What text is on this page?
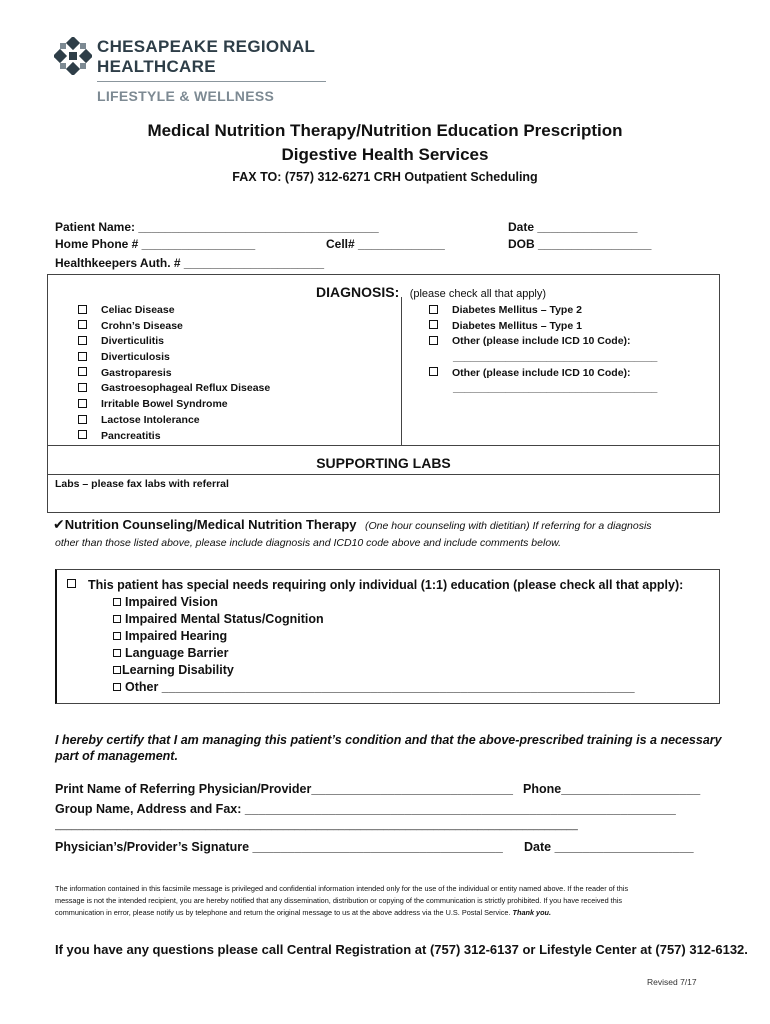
CHESAPEAKE REGIONAL
HEALTHCARE
LIFESTYLE & WELLNESS
Medical Nutrition Therapy/Nutrition Education Prescription
Digestive Health Services
FAX TO: (757) 312-6271 CRH Outpatient Scheduling
Patient Name: ____________________________________	Date _______________
Home Phone # _________________	Cell# _____________	DOB _________________
Healthkeepers Auth. # _____________________
DIAGNOSIS: (please check all that apply)
Celiac Disease
Crohn’s Disease
Diverticulitis
Diverticulosis
Gastroparesis
Gastroesophageal Reflux Disease
Irritable Bowel Syndrome
Lactose Intolerance
Pancreatitis
Diabetes Mellitus – Type 2
Diabetes Mellitus – Type 1
Other (please include ICD 10 Code):
___________________________________
Other (please include ICD 10 Code):
___________________________________
SUPPORTING LABS
Labs – please fax labs with referral
✔Nutrition Counseling/Medical Nutrition Therapy (One hour counseling with dietitian) If referring for a diagnosis
other than those listed above, please include diagnosis and ICD10 code above and include comments below.
This patient has special needs requiring only individual (1:1) education (please check all that apply):
Impaired Vision
Impaired Mental Status/Cognition
Impaired Hearing
Language Barrier
Learning Disability
Other ____________________________________________________________________
I hereby certify that I am managing this patient’s condition and that the above-prescribed training is a necessary
part of management.
Print Name of Referring Physician/Provider_____________________________ Phone____________________
Group Name, Address and Fax: ______________________________________________________________
______________________________________________________________________________________________
Physician’s/Provider’s Signature ____________________________________ Date ____________________
The information contained in this facsimile message is privileged and confidential information intended only for the use of the individual or entity named above. If the reader of this
message is not the intended recipient, you are hereby notified that any dissemination, distribution or copying of the communication is strictly prohibited. If you have received this
communication in error, please notify us by telephone and return the original message to us at the above address via the U.S. Postal Service. Thank you.
If you have any questions please call Central Registration at (757) 312-6137 or Lifestyle Center at (757) 312-6132.
Revised 7/17
